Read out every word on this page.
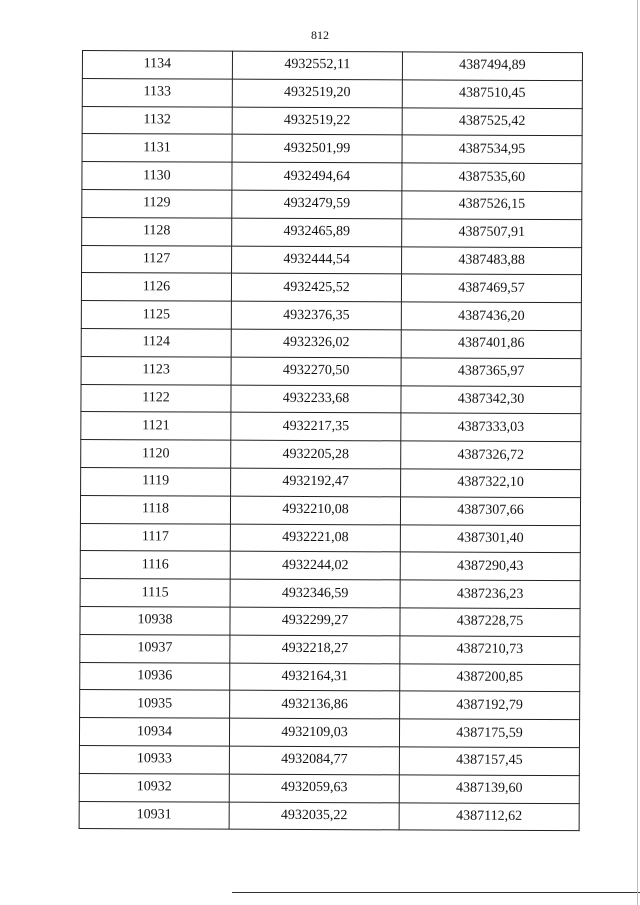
812
1134	4932552,11	4387494,89
1133	4932519,20	4387510,45
1132	4932519,22	4387525,42
1131	4932501,99	4387534,95
1130	4932494,64	4387535,60
1129	4932479,59	4387526,15
1128	4932465,89	4387507,91
1127	4932444,54	4387483,88
1126	4932425,52	4387469,57
1125	4932376,35	4387436,20
1124	4932326,02	4387401,86
1123	4932270,50	4387365,97
1122	4932233,68	4387342,30
1121	4932217,35	4387333,03
1120	4932205,28	4387326,72
1119	4932192,47	4387322,10
1118	4932210,08	4387307,66
1117	4932221,08	4387301,40
1116	4932244,02	4387290,43
1115	4932346,59	4387236,23
10938	4932299,27	4387228,75
10937	4932218,27	4387210,73
10936	4932164,31	4387200,85
10935	4932136,86	4387192,79
10934	4932109,03	4387175,59
10933	4932084,77	4387157,45
10932	4932059,63	4387139,60
10931	4932035,22	4387112,62
